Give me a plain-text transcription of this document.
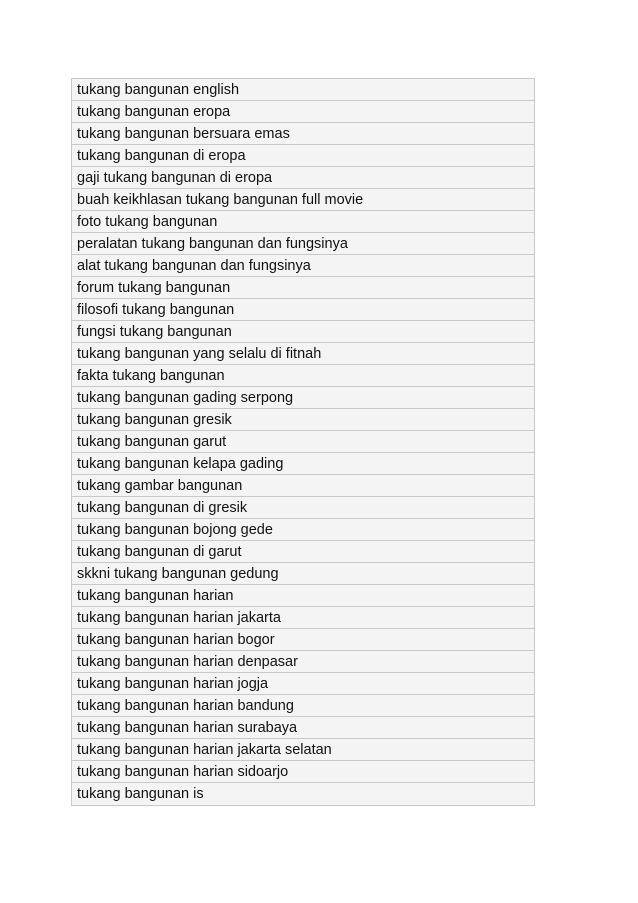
tukang bangunan english
tukang bangunan eropa
tukang bangunan bersuara emas
tukang bangunan di eropa
gaji tukang bangunan di eropa
buah keikhlasan tukang bangunan full movie
foto tukang bangunan
peralatan tukang bangunan dan fungsinya
alat tukang bangunan dan fungsinya
forum tukang bangunan
filosofi tukang bangunan
fungsi tukang bangunan
tukang bangunan yang selalu di fitnah
fakta tukang bangunan
tukang bangunan gading serpong
tukang bangunan gresik
tukang bangunan garut
tukang bangunan kelapa gading
tukang gambar bangunan
tukang bangunan di gresik
tukang bangunan bojong gede
tukang bangunan di garut
skkni tukang bangunan gedung
tukang bangunan harian
tukang bangunan harian jakarta
tukang bangunan harian bogor
tukang bangunan harian denpasar
tukang bangunan harian jogja
tukang bangunan harian bandung
tukang bangunan harian surabaya
tukang bangunan harian jakarta selatan
tukang bangunan harian sidoarjo
tukang bangunan is
